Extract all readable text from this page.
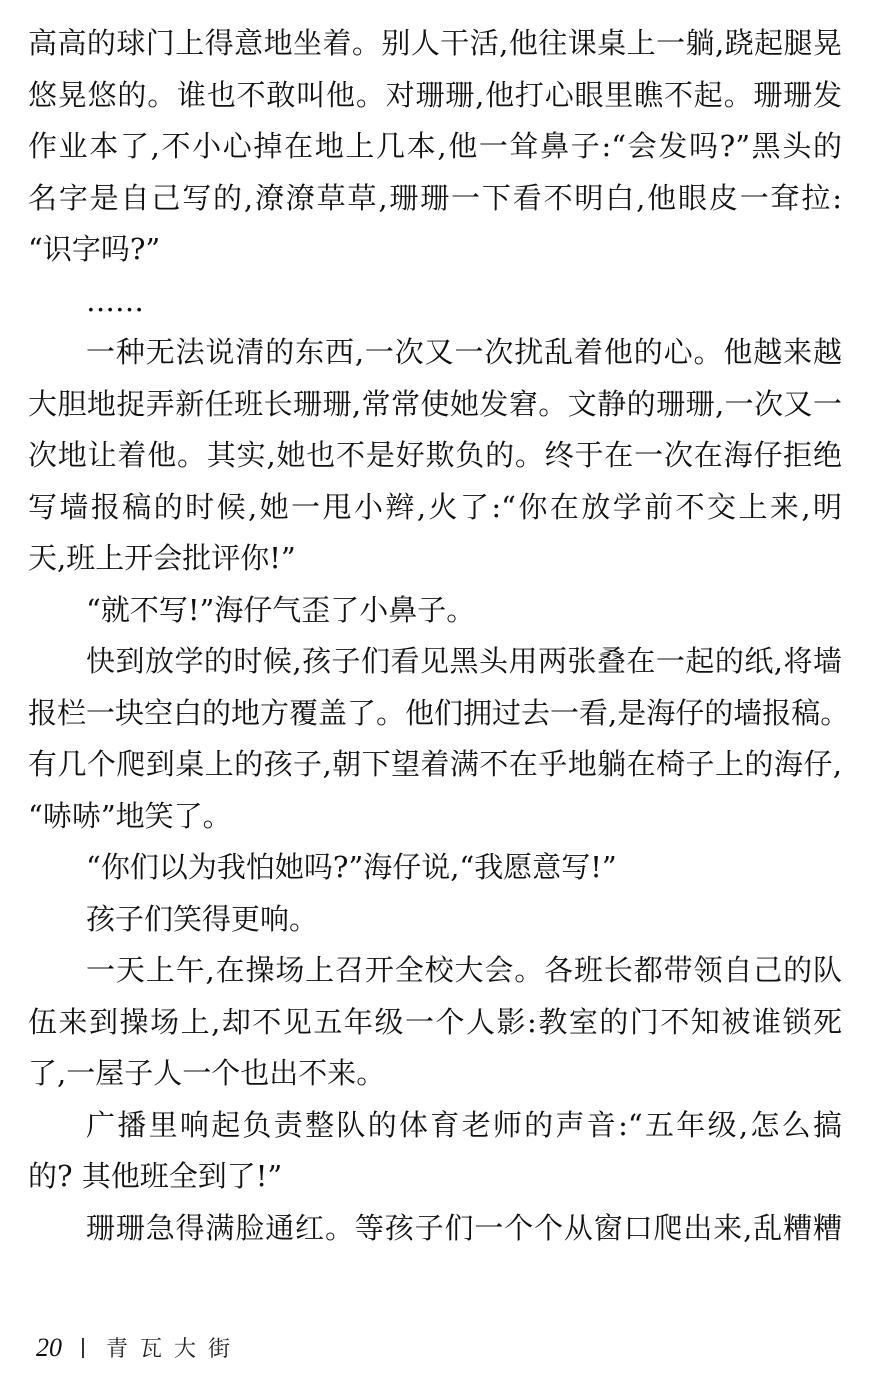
高高的球门上得意地坐着。别人干活,他往课桌上一躺,跷起腿晃
悠晃悠的。谁也不敢叫他。对珊珊,他打心眼里瞧不起。珊珊发
作业本了,不小心掉在地上几本,他一耸鼻子:“会发吗?”黑头的
名字是自己写的,潦潦草草,珊珊一下看不明白,他眼皮一耷拉:
“识字吗?”
……
一种无法说清的东西,一次又一次扰乱着他的心。他越来越
大胆地捉弄新任班长珊珊,常常使她发窘。文静的珊珊,一次又一
次地让着他。其实,她也不是好欺负的。终于在一次在海仔拒绝
写墙报稿的时候,她一甩小辫,火了:“你在放学前不交上来,明
天,班上开会批评你!”
“就不写!”海仔气歪了小鼻子。
快到放学的时候,孩子们看见黑头用两张叠在一起的纸,将墙
报栏一块空白的地方覆盖了。他们拥过去一看,是海仔的墙报稿。
有几个爬到桌上的孩子,朝下望着满不在乎地躺在椅子上的海仔,
“哧哧”地笑了。
“你们以为我怕她吗?”海仔说,“我愿意写!”
孩子们笑得更响。
一天上午,在操场上召开全校大会。各班长都带领自己的队
伍来到操场上,却不见五年级一个人影:教室的门不知被谁锁死
了,一屋子人一个也出不来。
广播里响起负责整队的体育老师的声音:“五年级,怎么搞
的? 其他班全到了!”
珊珊急得满脸通红。等孩子们一个个从窗口爬出来,乱糟糟
20 青瓦大街
